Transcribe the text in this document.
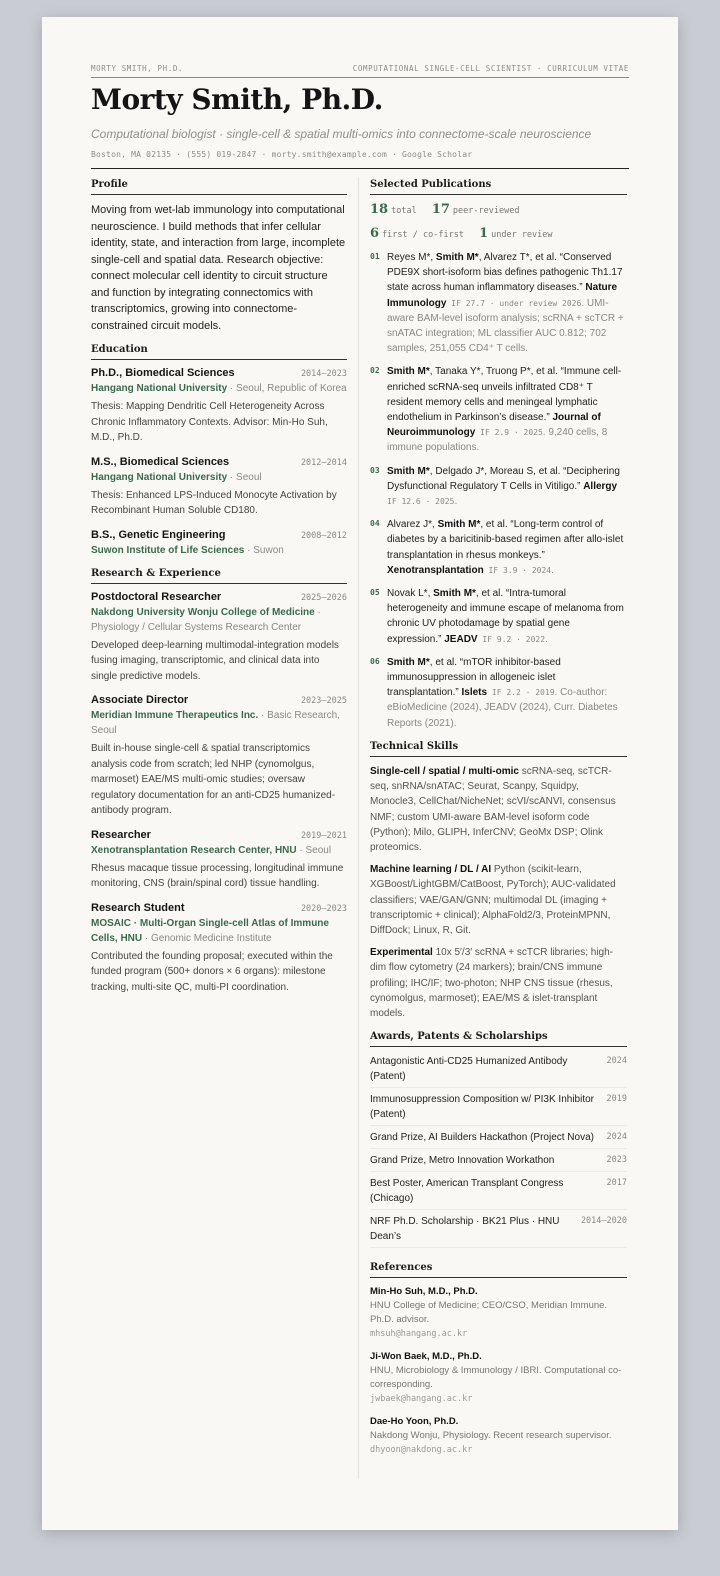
MORTY SMITH, PH.D.	COMPUTATIONAL SINGLE-CELL SCIENTIST · CURRICULUM VITAE
Morty Smith, Ph.D.
Computational biologist · single-cell & spatial multi-omics into connectome-scale neuroscience
Boston, MA 02135 · (555) 019-2847 · morty.smith@example.com · Google Scholar
Profile
Moving from wet-lab immunology into computational neuroscience. I build methods that infer cellular identity, state, and interaction from large, incomplete single-cell and spatial data. Research objective: connect molecular cell identity to circuit structure and function by integrating connectomics with transcriptomics, growing into connectome-constrained circuit models.
Education
Ph.D., Biomedical Sciences	2014–2023
Hangang National University · Seoul, Republic of Korea
Thesis: Mapping Dendritic Cell Heterogeneity Across Chronic Inflammatory Contexts. Advisor: Min-Ho Suh, M.D., Ph.D.
M.S., Biomedical Sciences	2012–2014
Hangang National University · Seoul
Thesis: Enhanced LPS-Induced Monocyte Activation by Recombinant Human Soluble CD180.
B.S., Genetic Engineering	2008–2012
Suwon Institute of Life Sciences · Suwon
Research & Experience
Postdoctoral Researcher	2025–2026
Nakdong University Wonju College of Medicine · Physiology / Cellular Systems Research Center
Developed deep-learning multimodal-integration models fusing imaging, transcriptomic, and clinical data into single predictive models.
Associate Director	2023–2025
Meridian Immune Therapeutics Inc. · Basic Research, Seoul
Built in-house single-cell & spatial transcriptomics analysis code from scratch; led NHP (cynomolgus, marmoset) EAE/MS multi-omic studies; oversaw regulatory documentation for an anti-CD25 humanized-antibody program.
Researcher	2019–2021
Xenotransplantation Research Center, HNU · Seoul
Rhesus macaque tissue processing, longitudinal immune monitoring, CNS (brain/spinal cord) tissue handling.
Research Student	2020–2023
MOSAIC · Multi-Organ Single-cell Atlas of Immune Cells, HNU · Genomic Medicine Institute
Contributed the founding proposal; executed within the funded program (500+ donors × 6 organs): milestone tracking, multi-site QC, multi-PI coordination.
Selected Publications
18 total 17 peer-reviewed
6 first / co-first 1 under review
01 Reyes M*, Smith M*, Alvarez T*, et al. “Conserved PDE9X short-isoform bias defines pathogenic Th1.17 state across human inflammatory diseases.” Nature Immunology IF 27.7 · under review 2026. UMI-aware BAM-level isoform analysis; scRNA + scTCR + snATAC integration; ML classifier AUC 0.812; 702 samples, 251,055 CD4⁺ T cells.
02 Smith M*, Tanaka Y*, Truong P*, et al. “Immune cell-enriched scRNA-seq unveils infiltrated CD8⁺ T resident memory cells and meningeal lymphatic endothelium in Parkinson’s disease.” Journal of Neuroimmunology IF 2.9 · 2025. 9,240 cells, 8 immune populations.
03 Smith M*, Delgado J*, Moreau S, et al. “Deciphering Dysfunctional Regulatory T Cells in Vitiligo.” Allergy IF 12.6 · 2025.
04 Alvarez J*, Smith M*, et al. “Long-term control of diabetes by a baricitinib-based regimen after allo-islet transplantation in rhesus monkeys.” Xenotransplantation IF 3.9 · 2024.
05 Novak L*, Smith M*, et al. “Intra-tumoral heterogeneity and immune escape of melanoma from chronic UV photodamage by spatial gene expression.” JEADV IF 9.2 · 2022.
06 Smith M*, et al. “mTOR inhibitor-based immunosuppression in allogeneic islet transplantation.” Islets IF 2.2 · 2019. Co-author: eBioMedicine (2024), JEADV (2024), Curr. Diabetes Reports (2021).
Technical Skills
Single-cell / spatial / multi-omic scRNA-seq, scTCR-seq, snRNA/snATAC; Seurat, Scanpy, Squidpy, Monocle3, CellChat/NicheNet; scVI/scANVI, consensus NMF; custom UMI-aware BAM-level isoform code (Python); Milo, GLIPH, InferCNV; GeoMx DSP; Olink proteomics.
Machine learning / DL / AI Python (scikit-learn, XGBoost/LightGBM/CatBoost, PyTorch); AUC-validated classifiers; VAE/GAN/GNN; multimodal DL (imaging + transcriptomic + clinical); AlphaFold2/3, ProteinMPNN, DiffDock; Linux, R, Git.
Experimental 10x 5′/3′ scRNA + scTCR libraries; high-dim flow cytometry (24 markers); brain/CNS immune profiling; IHC/IF; two-photon; NHP CNS tissue (rhesus, cynomolgus, marmoset); EAE/MS & islet-transplant models.
Awards, Patents & Scholarships
Antagonistic Anti-CD25 Humanized Antibody (Patent)
2024
Immunosuppression Composition w/ PI3K Inhibitor (Patent)
2019
Grand Prize, AI Builders Hackathon (Project Nova)	2024
Grand Prize, Metro Innovation Workathon	2023
Best Poster, American Transplant Congress (Chicago)
2017
NRF Ph.D. Scholarship · BK21 Plus · HNU Dean’s
2014–2020
References
Min-Ho Suh, M.D., Ph.D.
HNU College of Medicine; CEO/CSO, Meridian Immune. Ph.D. advisor.
mhsuh@hangang.ac.kr
Ji-Won Baek, M.D., Ph.D.
HNU, Microbiology & Immunology / IBRI. Computational co-corresponding.
jwbaek@hangang.ac.kr
Dae-Ho Yoon, Ph.D.
Nakdong Wonju, Physiology. Recent research supervisor.
dhyoon@nakdong.ac.kr
